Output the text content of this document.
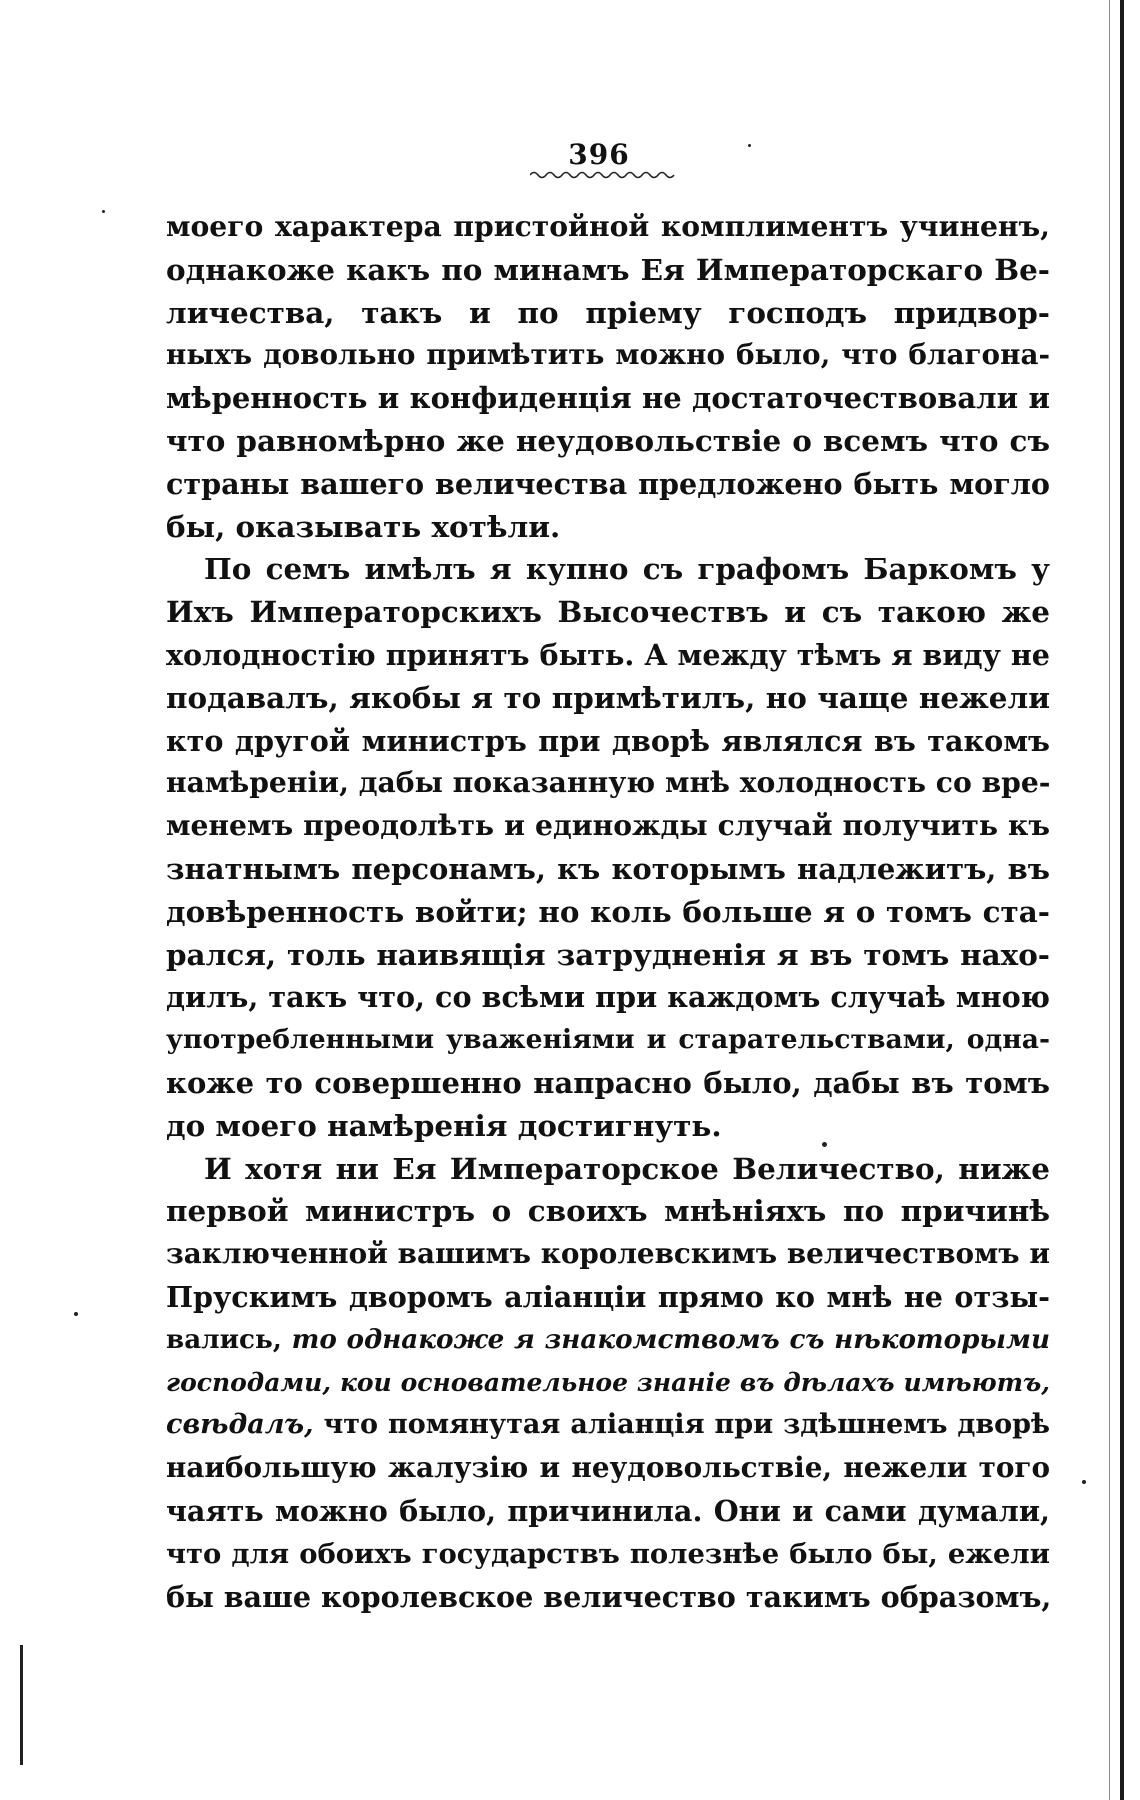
396
моего характера пристойной комплиментъ учиненъ,
однакоже какъ по минамъ Ея Императорскаго Ве-
личества, такъ и по пріему господъ придвор-
ныхъ довольно примѣтить можно было, что благона-
мѣренность и конфиденція не достаточествовали и
что равномѣрно же неудовольствіе о всемъ что съ
страны вашего величества предложено быть могло
бы, оказывать хотѣли.
По семъ имѣлъ я купно съ графомъ Баркомъ у
Ихъ Императорскихъ Высочествъ и съ такою же
холодностію принятъ быть. А между тѣмъ я виду не
подавалъ, якобы я то примѣтилъ, но чаще нежели
кто другой министръ при дворѣ являлся въ такомъ
намѣреніи, дабы показанную мнѣ холодность со вре-
менемъ преодолѣть и единожды случай получить къ
знатнымъ персонамъ, къ которымъ надлежитъ, въ
довѣренность войти; но коль больше я о томъ ста-
рался, толь наивящія затрудненія я въ томъ нахо-
дилъ, такъ что, со всѣми при каждомъ случаѣ мною
употребленными уваженіями и старательствами, одна-
коже то совершенно напрасно было, дабы въ томъ
до моего намѣренія достигнуть.
И хотя ни Ея Императорское Величество, ниже
первой министръ о своихъ мнѣніяхъ по причинѣ
заключенной вашимъ королевскимъ величествомъ и
Прускимъ дворомъ аліанціи прямо ко мнѣ не отзы-
вались, то однакоже я знакомствомъ съ нѣкоторыми
господами, кои основательное знаніе въ дѣлахъ имѣютъ,
свѣдалъ, что помянутая аліанція при здѣшнемъ дворѣ
наибольшую жалузію и неудовольствіе, нежели того
чаять можно было, причинила. Они и сами думали,
что для обоихъ государствъ полезнѣе было бы, ежели
бы ваше королевское величество такимъ образомъ,
